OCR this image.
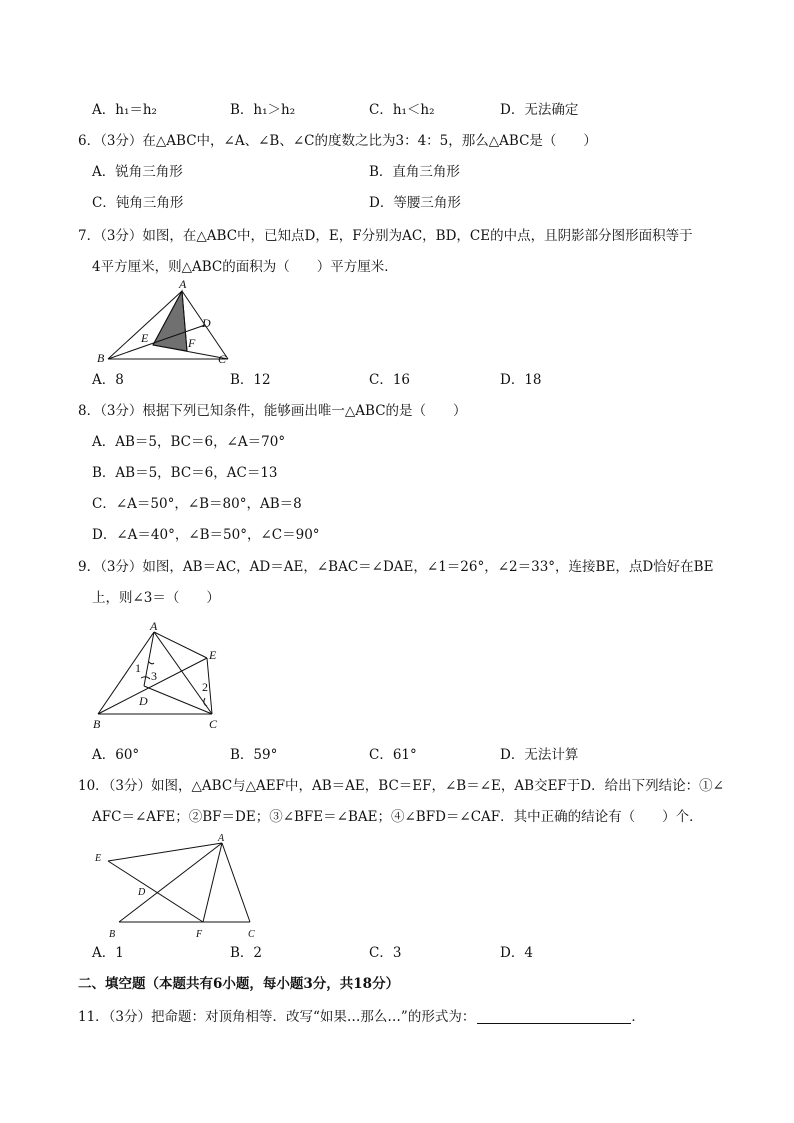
A．h₁＝h₂	B．h₁＞h₂	C．h₁＜h₂	D．无法确定
6．（3分）在△ABC中，∠A、∠B、∠C的度数之比为3：4：5，那么△ABC是（　　）
A．锐角三角形	B．直角三角形
C．钝角三角形	D．等腰三角形
7．（3分）如图，在△ABC中，已知点D，E，F分别为AC，BD，CE的中点，且阴影部分图形面积等于
4平方厘米，则△ABC的面积为（　　）平方厘米．
A
B	C
D
E	F
A．8	B．12	C．16	D．18
8．（3分）根据下列已知条件，能够画出唯一△ABC的是（　　）
A．AB＝5，BC＝6，∠A＝70°
B．AB＝5，BC＝6，AC＝13
C．∠A＝50°，∠B＝80°，AB＝8
D．∠A＝40°，∠B＝50°，∠C＝90°
9．（3分）如图，AB＝AC，AD＝AE，∠BAC＝∠DAE，∠1＝26°，∠2＝33°，连接BE，点D恰好在BE
上，则∠3＝（　　）
A
B	C
D
E
1
2
3
A．60°	B．59°	C．61°	D．无法计算
10．（3分）如图，△ABC与△AEF中，AB＝AE，BC＝EF，∠B＝∠E，AB交EF于D．给出下列结论：①∠
AFC＝∠AFE；②BF＝DE；③∠BFE＝∠BAE；④∠BFD＝∠CAF．其中正确的结论有（　　）个．
A
B	C
D
E
F
A．1	B．2	C．3	D．4
二、填空题（本题共有6小题，每小题3分，共18分）
11．（3分）把命题：对顶角相等．改写“如果…那么…”的形式为：	．
